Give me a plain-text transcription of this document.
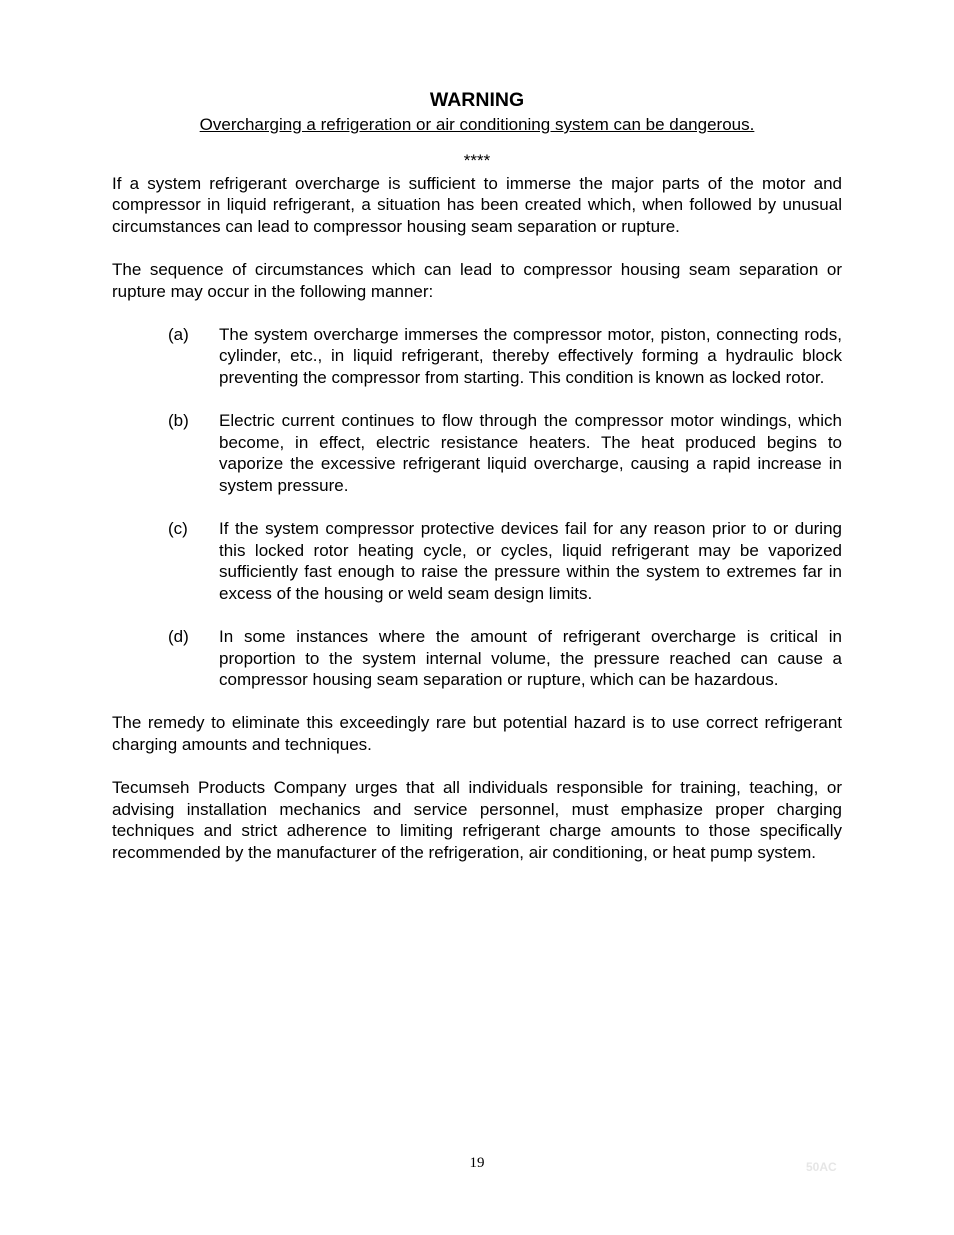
WARNING
Overcharging a refrigeration or air conditioning system can be dangerous.
****

If a system refrigerant overcharge is sufficient to immerse the major parts of the motor and compressor in liquid refrigerant, a situation has been created which, when followed by unusual circumstances can lead to compressor housing seam separation or rupture.

The sequence of circumstances which can lead to compressor housing seam separation or rupture may occur in the following manner:

(a)	The system overcharge immerses the compressor motor, piston, connecting rods, cylinder, etc., in liquid refrigerant, thereby effectively forming a hydraulic block preventing the compressor from starting. This condition is known as locked rotor.

(b)	Electric current continues to flow through the compressor motor windings, which become, in effect, electric resistance heaters. The heat produced begins to vaporize the excessive refrigerant liquid overcharge, causing a rapid increase in system pressure.

(c)	If the system compressor protective devices fail for any reason prior to or during this locked rotor heating cycle, or cycles, liquid refrigerant may be vaporized sufficiently fast enough to raise the pressure within the system to extremes far in excess of the housing or weld seam design limits.

(d)	In some instances where the amount of refrigerant overcharge is critical in proportion to the system internal volume, the pressure reached can cause a compressor housing seam separation or rupture, which can be hazardous.

The remedy to eliminate this exceedingly rare but potential hazard is to use correct refrigerant charging amounts and techniques.

Tecumseh Products Company urges that all individuals responsible for training, teaching, or advising installation mechanics and service personnel, must emphasize proper charging techniques and strict adherence to limiting refrigerant charge amounts to those specifically recommended by the manufacturer of the refrigeration, air conditioning, or heat pump system.

19	50AC
